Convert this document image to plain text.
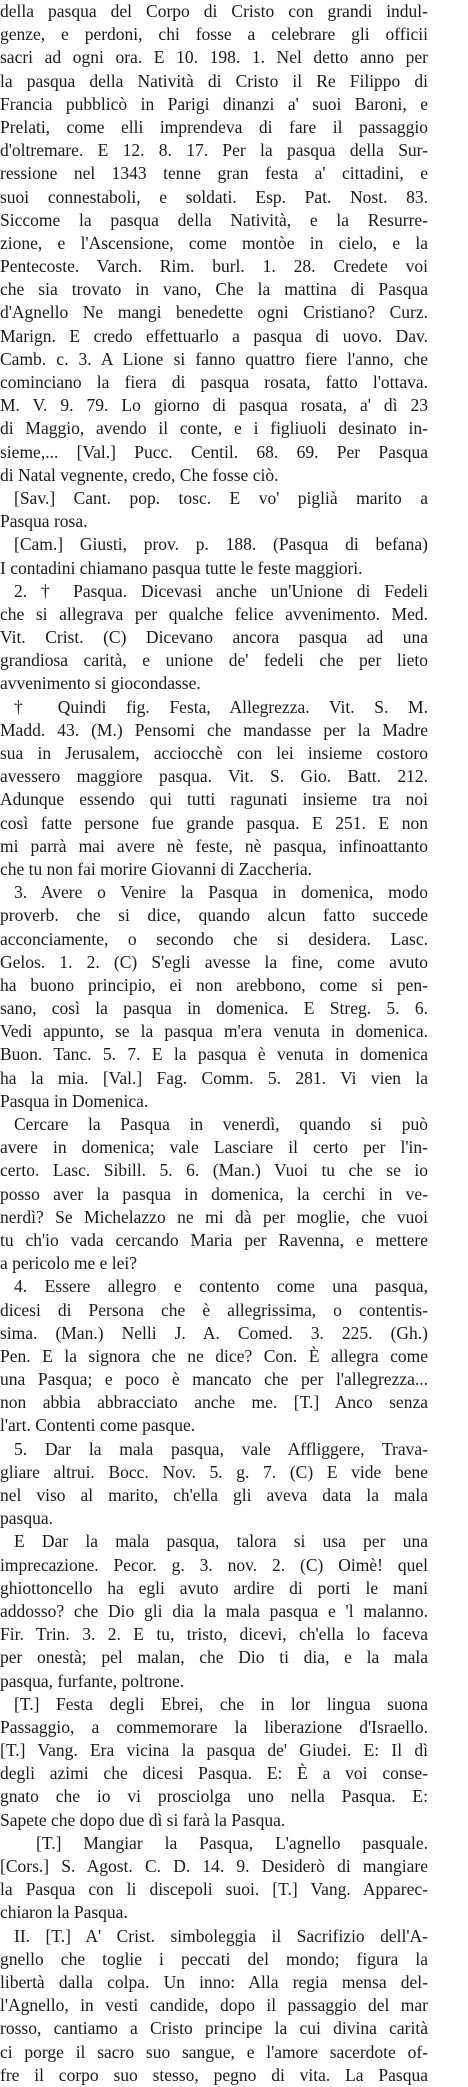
della pasqua del Corpo di Cristo con grandi indul-
genze, e perdoni, chi fosse a celebrare gli officii
sacri ad ogni ora. E 10. 198. 1. Nel detto anno per
la pasqua della Natività di Cristo il Re Filippo di
Francia pubblicò in Parigi dinanzi a' suoi Baroni, e
Prelati, come elli imprendeva di fare il passaggio
d'oltremare. E 12. 8. 17. Per la pasqua della Sur-
ressione nel 1343 tenne gran festa a' cittadini, e
suoi connestaboli, e soldati. Esp. Pat. Nost. 83.
Siccome la pasqua della Natività, e la Resurre-
zione, e l'Ascensione, come montòe in cielo, e la
Pentecoste. Varch. Rim. burl. 1. 28. Credete voi
che sia trovato in vano, Che la mattina di Pasqua
d'Agnello Ne mangi benedette ogni Cristiano? Curz.
Marign. E credo effettuarlo a pasqua di uovo. Dav.
Camb. c. 3. A Lione si fanno quattro fiere l'anno, che
cominciano la fiera di pasqua rosata, fatto l'ottava.
M. V. 9. 79. Lo giorno di pasqua rosata, a' dì 23
di Maggio, avendo il conte, e i figliuoli desinato in-
sieme,... [Val.] Pucc. Centil. 68. 69. Per Pasqua
di Natal vegnente, credo, Che fosse ciò.
[Sav.] Cant. pop. tosc. E vo' piglià marito a
Pasqua rosa.
[Cam.] Giusti, prov. p. 188. (Pasqua di befana)
I contadini chiamano pasqua tutte le feste maggiori.
2. † Pasqua. Dicevasi anche un'Unione di Fedeli
che si allegrava per qualche felice avvenimento. Med.
Vit. Crist. (C) Dicevano ancora pasqua ad una
grandiosa carità, e unione de' fedeli che per lieto
avvenimento si giocondasse.
† Quindi fig. Festa, Allegrezza. Vit. S. M.
Madd. 43. (M.) Pensomi che mandasse per la Madre
sua in Jerusalem, acciocchè con lei insieme costoro
avessero maggiore pasqua. Vit. S. Gio. Batt. 212.
Adunque essendo qui tutti ragunati insieme tra noi
così fatte persone fue grande pasqua. E 251. E non
mi parrà mai avere nè feste, nè pasqua, infinoattanto
che tu non fai morire Giovanni di Zaccheria.
3. Avere o Venire la Pasqua in domenica, modo
proverb. che si dice, quando alcun fatto succede
acconciamente, o secondo che si desidera. Lasc.
Gelos. 1. 2. (C) S'egli avesse la fine, come avuto
ha buono principio, ei non arebbono, come si pen-
sano, così la pasqua in domenica. E Streg. 5. 6.
Vedi appunto, se la pasqua m'era venuta in domenica.
Buon. Tanc. 5. 7. E la pasqua è venuta in domenica
ha la mia. [Val.] Fag. Comm. 5. 281. Vi vien la
Pasqua in Domenica.
Cercare la Pasqua in venerdì, quando si può
avere in domenica; vale Lasciare il certo per l'in-
certo. Lasc. Sibill. 5. 6. (Man.) Vuoi tu che se io
posso aver la pasqua in domenica, la cerchi in ve-
nerdì? Se Michelazzo ne mi dà per moglie, che vuoi
tu ch'io vada cercando Maria per Ravenna, e mettere
a pericolo me e lei?
4. Essere allegro e contento come una pasqua,
dicesi di Persona che è allegrissima, o contentis-
sima. (Man.) Nelli J. A. Comed. 3. 225. (Gh.)
Pen. E la signora che ne dice? Con. È allegra come
una Pasqua; e poco è mancato che per l'allegrezza...
non abbia abbracciato anche me. [T.] Anco senza
l'art. Contenti come pasque.
5. Dar la mala pasqua, vale Affliggere, Trava-
gliare altrui. Bocc. Nov. 5. g. 7. (C) E vide bene
nel viso al marito, ch'ella gli aveva data la mala
pasqua.
E Dar la mala pasqua, talora si usa per una
imprecazione. Pecor. g. 3. nov. 2. (C) Oimè! quel
ghiottoncello ha egli avuto ardire di porti le mani
addosso? che Dio gli dia la mala pasqua e 'l malanno.
Fir. Trin. 3. 2. E tu, tristo, dicevi, ch'ella lo faceva
per onestà; pel malan, che Dio ti dia, e la mala
pasqua, furfante, poltrone.
[T.] Festa degli Ebrei, che in lor lingua suona
Passaggio, a commemorare la liberazione d'Israello.
[T.] Vang. Era vicina la pasqua de' Giudei. E: Il dì
degli azimi che dicesi Pasqua. E: È a voi conse-
gnato che io vi prosciolga uno nella Pasqua. E:
Sapete che dopo due dì si farà la Pasqua.
[T.] Mangiar la Pasqua, L'agnello pasquale.
[Cors.] S. Agost. C. D. 14. 9. Desiderò di mangiare
la Pasqua con li discepoli suoi. [T.] Vang. Apparec-
chiaron la Pasqua.
II. [T.] A' Crist. simboleggia il Sacrifizio dell'A-
gnello che toglie i peccati del mondo; figura la
libertà dalla colpa. Un inno: Alla regia mensa del-
l'Agnello, in vesti candide, dopo il passaggio del mar
rosso, cantiamo a Cristo principe la cui divina carità
ci porge il sacro suo sangue, e l'amore sacerdote of-
fre il corpo suo stesso, pegno di vita. La Pasqua
